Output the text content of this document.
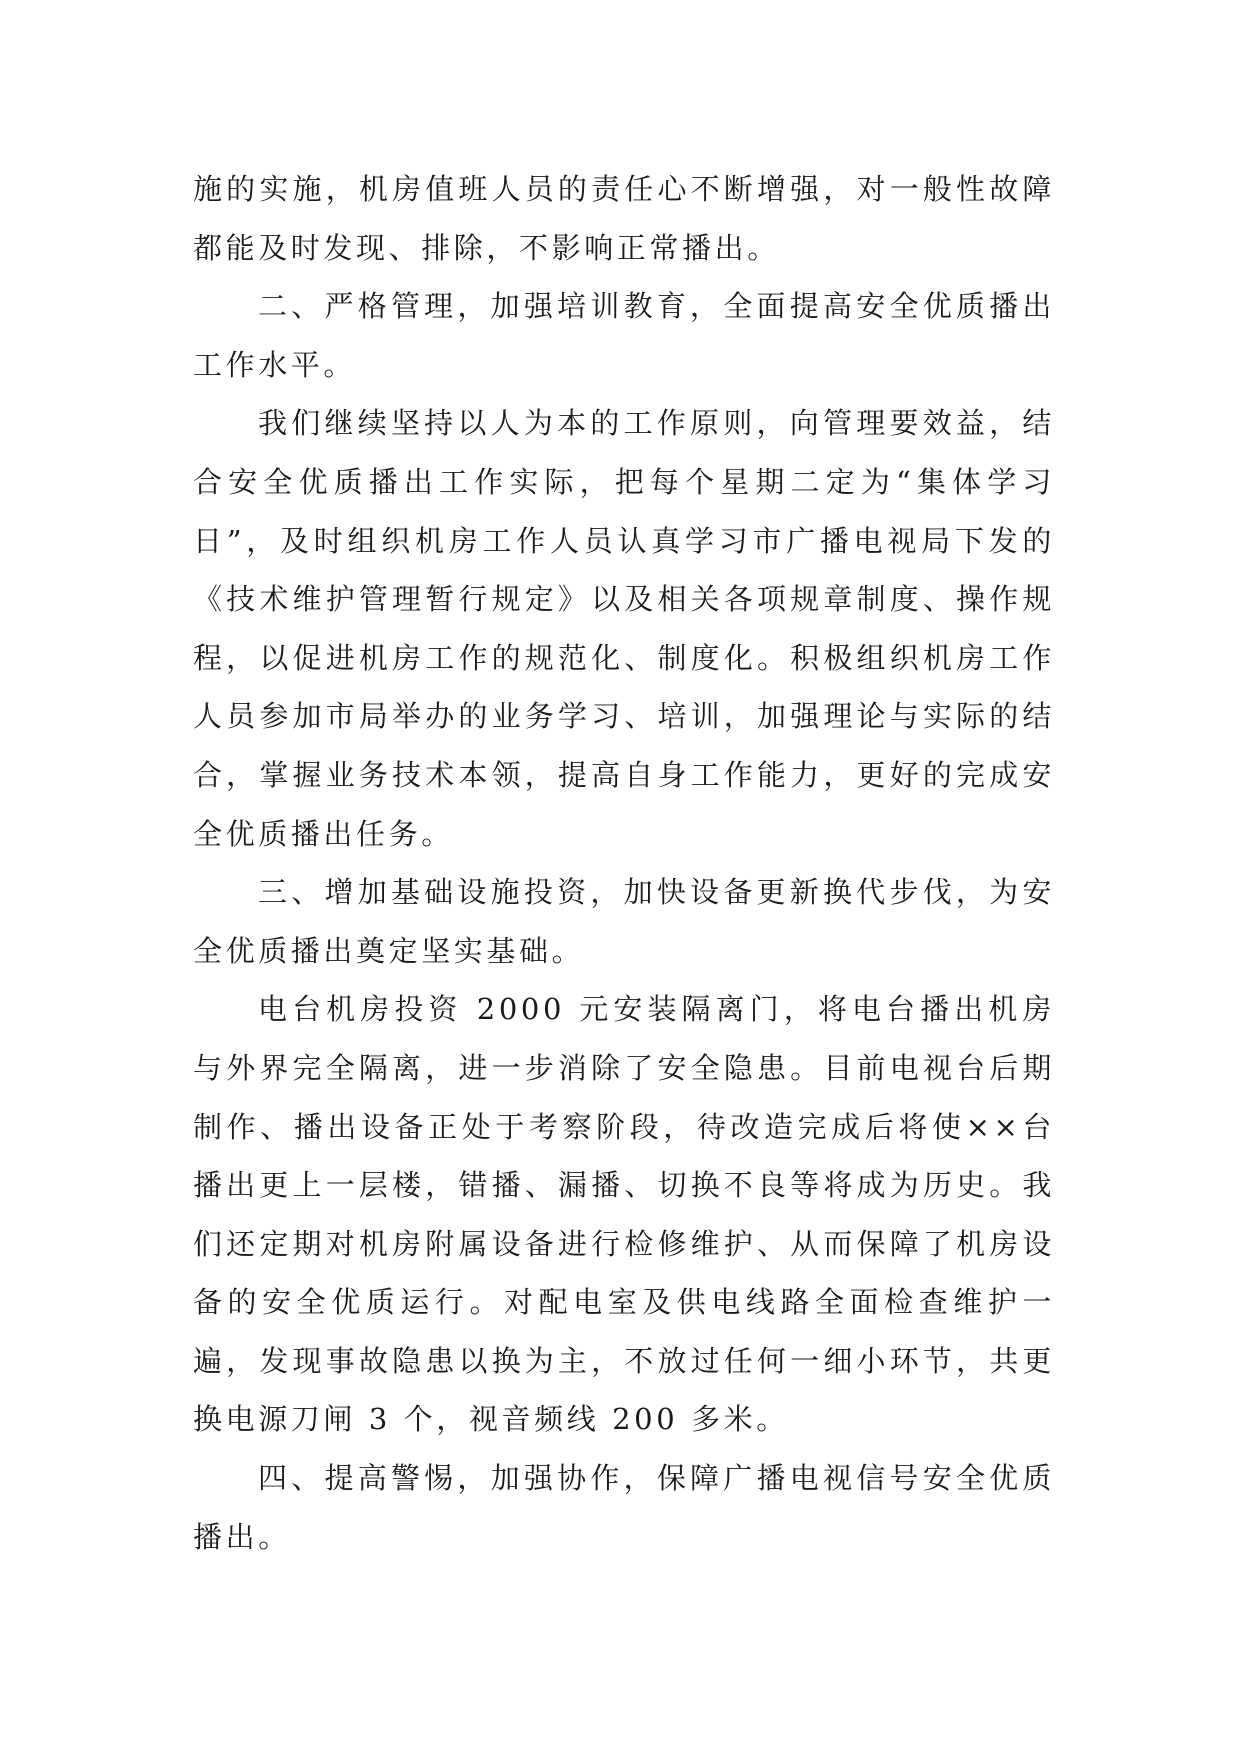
施的实施，机房值班人员的责任心不断增强，对一般性故障都能及时发现、排除，不影响正常播出。

二、严格管理，加强培训教育，全面提高安全优质播出工作水平。

我们继续坚持以人为本的工作原则，向管理要效益，结合安全优质播出工作实际，把每个星期二定为“集体学习日”，及时组织机房工作人员认真学习市广播电视局下发的《技术维护管理暂行规定》以及相关各项规章制度、操作规程，以促进机房工作的规范化、制度化。积极组织机房工作人员参加市局举办的业务学习、培训，加强理论与实际的结合，掌握业务技术本领，提高自身工作能力，更好的完成安全优质播出任务。

三、增加基础设施投资，加快设备更新换代步伐，为安全优质播出奠定坚实基础。

电台机房投资 2000 元安装隔离门，将电台播出机房与外界完全隔离，进一步消除了安全隐患。目前电视台后期制作、播出设备正处于考察阶段，待改造完成后将使××台播出更上一层楼，错播、漏播、切换不良等将成为历史。我们还定期对机房附属设备进行检修维护、从而保障了机房设备的安全优质运行。对配电室及供电线路全面检查维护一遍，发现事故隐患以换为主，不放过任何一细小环节，共更换电源刀闸 3 个，视音频线 200 多米。

四、提高警惕，加强协作，保障广播电视信号安全优质播出。
